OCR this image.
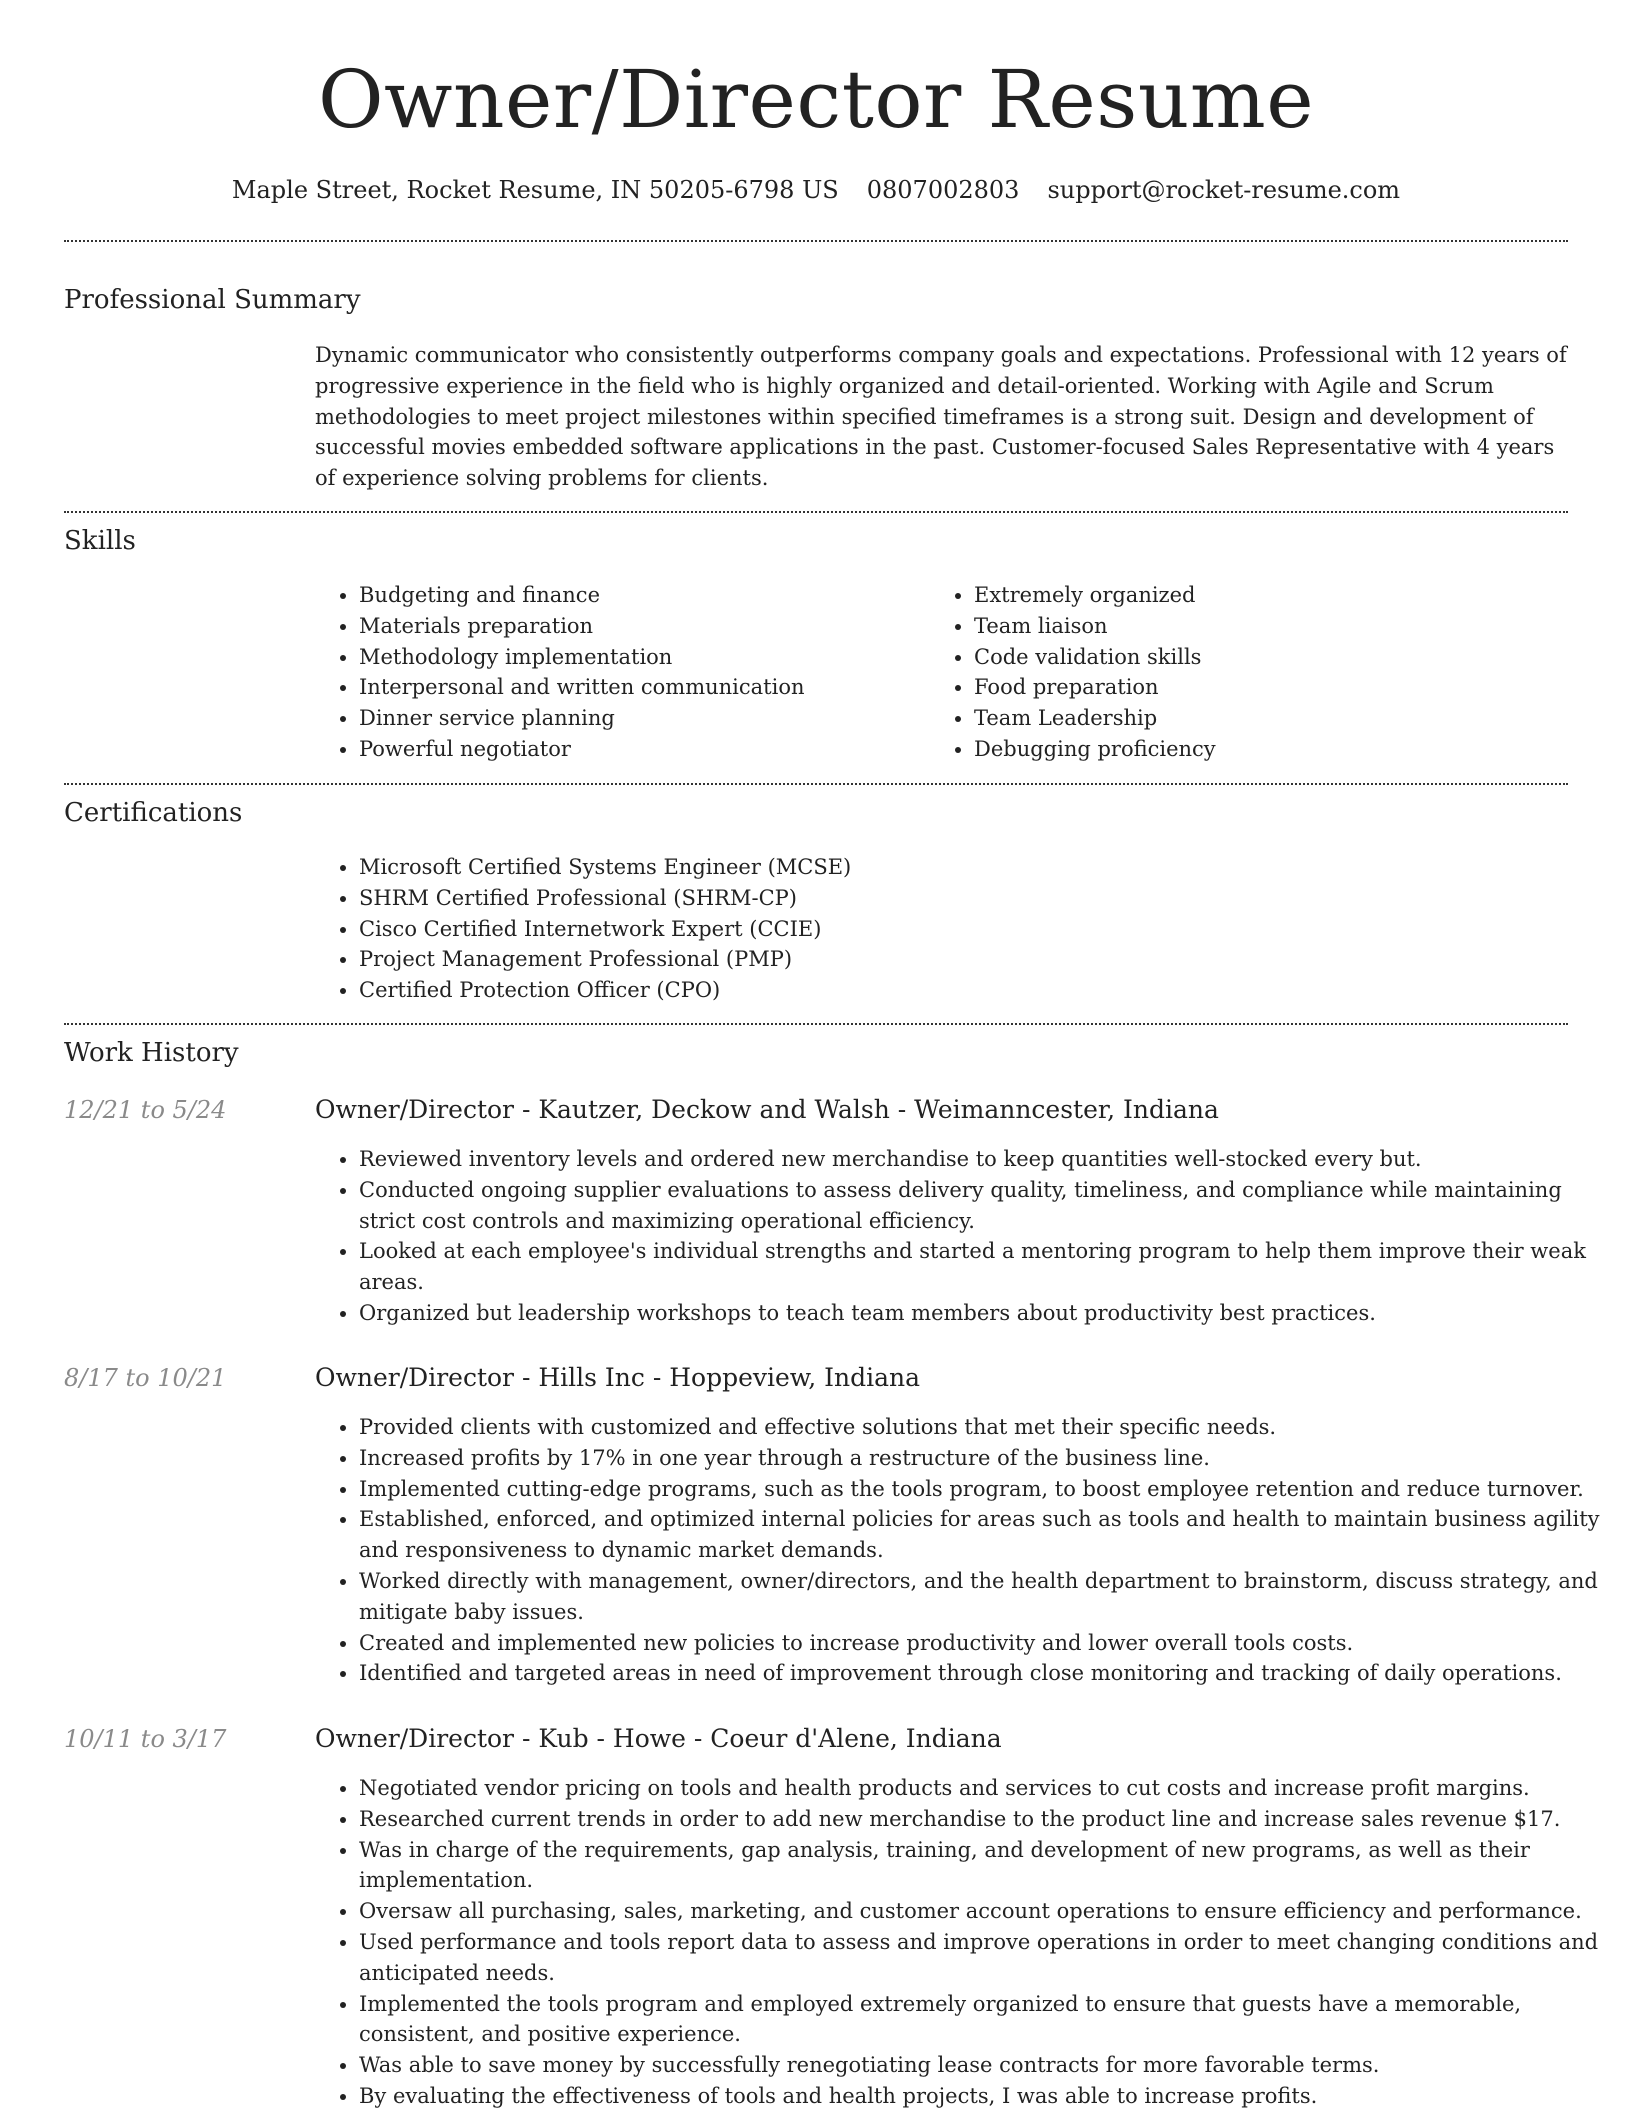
Owner/Director Resume
Maple Street, Rocket Resume, IN 50205-6798 US 0807002803 support@rocket-resume.com
Professional Summary
Dynamic communicator who consistently outperforms company goals and expectations. Professional with 12 years of progressive experience in the field who is highly organized and detail-oriented. Working with Agile and Scrum methodologies to meet project milestones within specified timeframes is a strong suit. Design and development of successful movies embedded software applications in the past. Customer-focused Sales Representative with 4 years of experience solving problems for clients.
Skills
• Budgeting and finance
• Materials preparation
• Methodology implementation
• Interpersonal and written communication
• Dinner service planning
• Powerful negotiator
• Extremely organized
• Team liaison
• Code validation skills
• Food preparation
• Team Leadership
• Debugging proficiency
Certifications
• Microsoft Certified Systems Engineer (MCSE)
• SHRM Certified Professional (SHRM-CP)
• Cisco Certified Internetwork Expert (CCIE)
• Project Management Professional (PMP)
• Certified Protection Officer (CPO)
Work History
12/21 to 5/24	Owner/Director - Kautzer, Deckow and Walsh - Weimanncester, Indiana
• Reviewed inventory levels and ordered new merchandise to keep quantities well-stocked every but.
• Conducted ongoing supplier evaluations to assess delivery quality, timeliness, and compliance while maintaining strict cost controls and maximizing operational efficiency.
• Looked at each employee's individual strengths and started a mentoring program to help them improve their weak areas.
• Organized but leadership workshops to teach team members about productivity best practices.
8/17 to 10/21	Owner/Director - Hills Inc - Hoppeview, Indiana
• Provided clients with customized and effective solutions that met their specific needs.
• Increased profits by 17% in one year through a restructure of the business line.
• Implemented cutting-edge programs, such as the tools program, to boost employee retention and reduce turnover.
• Established, enforced, and optimized internal policies for areas such as tools and health to maintain business agility and responsiveness to dynamic market demands.
• Worked directly with management, owner/directors, and the health department to brainstorm, discuss strategy, and mitigate baby issues.
• Created and implemented new policies to increase productivity and lower overall tools costs.
• Identified and targeted areas in need of improvement through close monitoring and tracking of daily operations.
10/11 to 3/17	Owner/Director - Kub - Howe - Coeur d'Alene, Indiana
• Negotiated vendor pricing on tools and health products and services to cut costs and increase profit margins.
• Researched current trends in order to add new merchandise to the product line and increase sales revenue $17.
• Was in charge of the requirements, gap analysis, training, and development of new programs, as well as their implementation.
• Oversaw all purchasing, sales, marketing, and customer account operations to ensure efficiency and performance.
• Used performance and tools report data to assess and improve operations in order to meet changing conditions and anticipated needs.
• Implemented the tools program and employed extremely organized to ensure that guests have a memorable, consistent, and positive experience.
• Was able to save money by successfully renegotiating lease contracts for more favorable terms.
• By evaluating the effectiveness of tools and health projects, I was able to increase profits.
